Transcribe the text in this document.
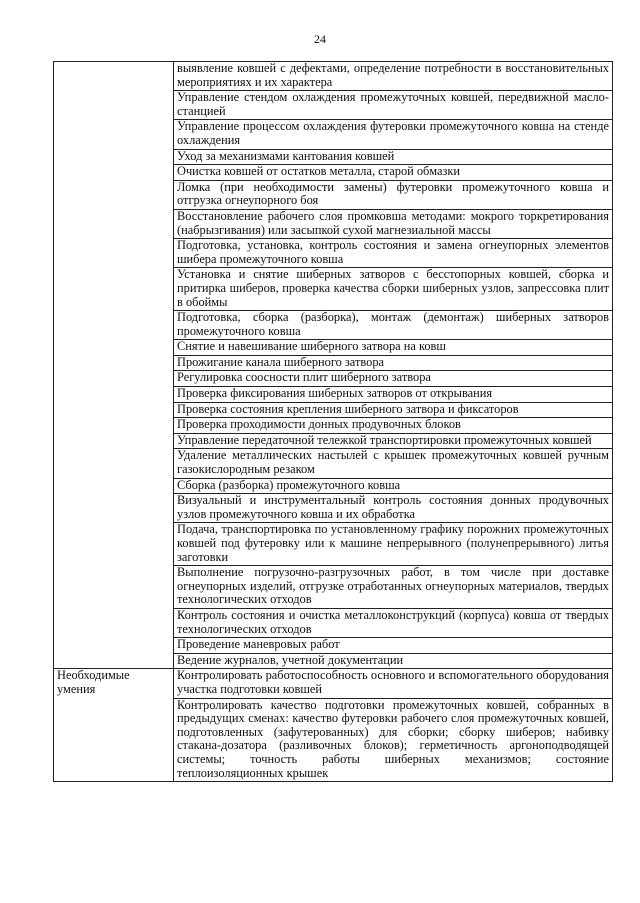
24

	выявление ковшей с дефектами, определение потребности в восстановительных мероприятиях и их характера

	Управление стендом охлаждения промежуточных ковшей, передвижной маслостанцией

	Управление процессом охлаждения футеровки промежуточного ковша на стенде охлаждения

	Уход за механизмами кантования ковшей

	Очистка ковшей от остатков металла, старой обмазки

	Ломка (при необходимости замены) футеровки промежуточного ковша и отгрузка огнеупорного боя

	Восстановление рабочего слоя промковша методами: мокрого торкретирования (набрызгивания) или засыпкой сухой магнезиальной массы

	Подготовка, установка, контроль состояния и замена огнеупорных элементов шибера промежуточного ковша

	Установка и снятие шиберных затворов с бесстопорных ковшей, сборка и притирка шиберов, проверка качества сборки шиберных узлов, запрессовка плит в обоймы

	Подготовка, сборка (разборка), монтаж (демонтаж) шиберных затворов промежуточного ковша

	Снятие и навешивание шиберного затвора на ковш

	Прожигание канала шиберного затвора

	Регулировка соосности плит шиберного затвора

	Проверка фиксирования шиберных затворов от открывания

	Проверка состояния крепления шиберного затвора и фиксаторов

	Проверка проходимости донных продувочных блоков

	Управление передаточной тележкой транспортировки промежуточных ковшей

	Удаление металлических настылей с крышек промежуточных ковшей ручным газокислородным резаком

	Сборка (разборка) промежуточного ковша

	Визуальный и инструментальный контроль состояния донных продувочных узлов промежуточного ковша и их обработка

	Подача, транспортировка по установленному графику порожних промежуточных ковшей под футеровку или к машине непрерывного (полунепрерывного) литья заготовки

	Выполнение погрузочно-разгрузочных работ, в том числе при доставке огнеупорных изделий, отгрузке отработанных огнеупорных материалов, твердых технологических отходов

	Контроль состояния и очистка металлоконструкций (корпуса) ковша от твердых технологических отходов

	Проведение маневровых работ

	Ведение журналов, учетной документации

Необходимые умения	Контролировать работоспособность основного и вспомогательного оборудования участка подготовки ковшей

	Контролировать качество подготовки промежуточных ковшей, собранных в предыдущих сменах: качество футеровки рабочего слоя промежуточных ковшей, подготовленных (зафутерованных) для сборки; сборку шиберов; набивку стакана-дозатора (разливочных блоков); герметичность аргоноподводящей системы; точность работы шиберных механизмов; состояние теплоизоляционных крышек
